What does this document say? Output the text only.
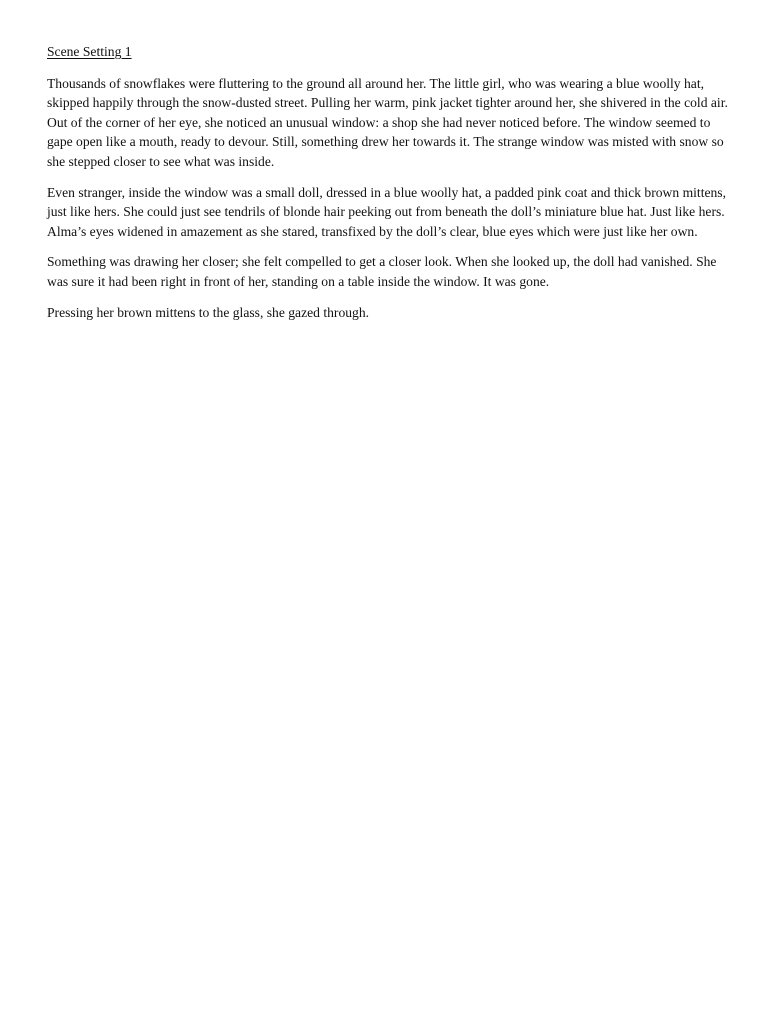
Scene Setting 1

Thousands of snowflakes were fluttering to the ground all around her. The little girl, who was wearing a blue woolly hat, skipped happily through the snow-dusted street. Pulling her warm, pink jacket tighter around her, she shivered in the cold air. Out of the corner of her eye, she noticed an unusual window: a shop she had never noticed before. The window seemed to gape open like a mouth, ready to devour. Still, something drew her towards it. The strange window was misted with snow so she stepped closer to see what was inside.

Even stranger, inside the window was a small doll, dressed in a blue woolly hat, a padded pink coat and thick brown mittens, just like hers. She could just see tendrils of blonde hair peeking out from beneath the doll’s miniature blue hat. Just like hers. Alma’s eyes widened in amazement as she stared, transfixed by the doll’s clear, blue eyes which were just like her own.

Something was drawing her closer; she felt compelled to get a closer look. When she looked up, the doll had vanished. She was sure it had been right in front of her, standing on a table inside the window. It was gone.

Pressing her brown mittens to the glass, she gazed through.
